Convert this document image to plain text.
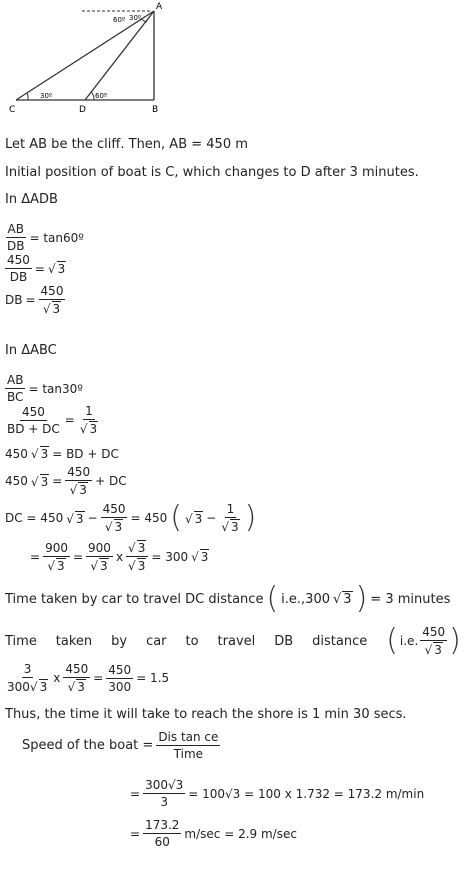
A
B
C	D
60º 30º
30º	60º
Let AB be the cliff. Then, AB = 450 m
Initial position of boat is C, which changes to D after 3 minutes.
In ΔADB
$\frac{AB}{DB}$ = tan60º
$\frac{450}{DB}$ = √ 3
DB = $\frac{450}{√ 3}$
In ΔABC
$\frac{AB}{BC}$ = tan30º
$\frac{450}{BD + DC} = \frac{1}{√ 3}$
450 √ 3 = BD + DC
450 √ $3 = \frac{450}{√ 3}$ + DC
DC = 450 √ $3 - \frac{450}{√ 3} = 450$ ( √ $3 - \frac{1}{√ 3}$ )
= $\frac{900}{√ 3} = \frac{900}{√ 3}$ x $\frac{√ 3}{√ 3} = 300$ √ 3
Time taken by car to travel DC distance ( i.e.,300 √ 3 ) = 3 minutes
Time taken by car to travel DB distance ( i.e. $\frac{450}{√ 3}$ )
$\frac{3}{300√ 3}$ x $\frac{450}{√ 3} = \frac{450}{300} = 1.5$
Thus, the time it will take to reach the shore is 1 min 30 secs.
Speed of the boat = $\frac{\text{Dis tan ce}}{\text{Time}}$
= $\frac{300√3}{3} = 100√3 = 100$ x 1.732 = 173.2 m/min
= $\frac{173.2}{60} m/\sec = 2.9$ m/sec
